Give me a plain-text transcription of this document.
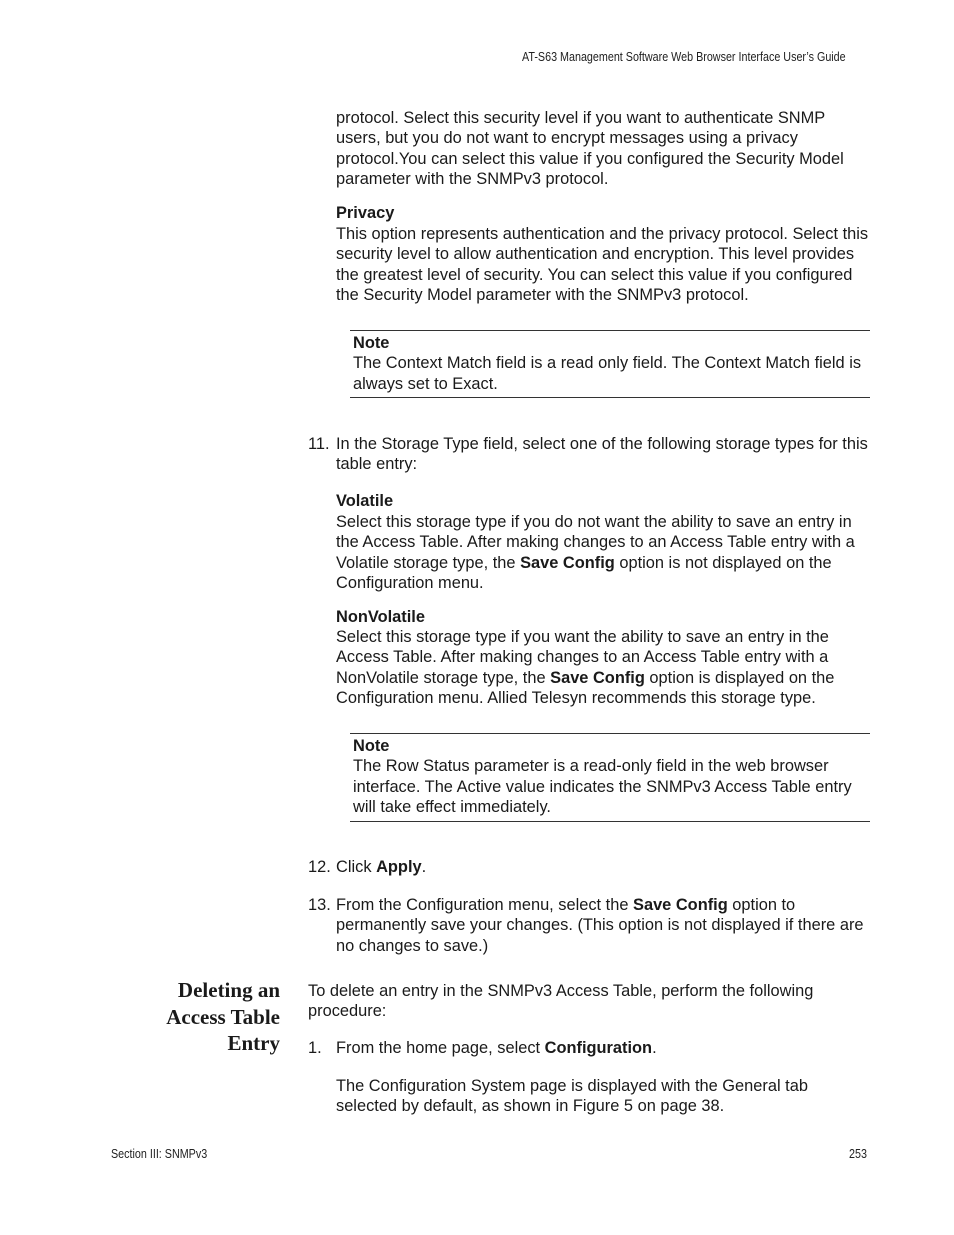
AT-S63 Management Software Web Browser Interface User’s Guide
protocol. Select this security level if you want to authenticate SNMP users, but you do not want to encrypt messages using a privacy protocol.You can select this value if you configured the Security Model parameter with the SNMPv3 protocol.
Privacy
This option represents authentication and the privacy protocol. Select this security level to allow authentication and encryption. This level provides the greatest level of security. You can select this value if you configured the Security Model parameter with the SNMPv3 protocol.
Note
The Context Match field is a read only field. The Context Match field is always set to Exact.
11. In the Storage Type field, select one of the following storage types for this table entry:
Volatile
Select this storage type if you do not want the ability to save an entry in the Access Table. After making changes to an Access Table entry with a Volatile storage type, the Save Config option is not displayed on the Configuration menu.
NonVolatile
Select this storage type if you want the ability to save an entry in the Access Table. After making changes to an Access Table entry with a NonVolatile storage type, the Save Config option is displayed on the Configuration menu. Allied Telesyn recommends this storage type.
Note
The Row Status parameter is a read-only field in the web browser interface. The Active value indicates the SNMPv3 Access Table entry will take effect immediately.
12. Click Apply.
13. From the Configuration menu, select the Save Config option to permanently save your changes. (This option is not displayed if there are no changes to save.)
Deleting an
Access Table
Entry
To delete an entry in the SNMPv3 Access Table, perform the following procedure:
1. From the home page, select Configuration.
The Configuration System page is displayed with the General tab selected by default, as shown in Figure 5 on page 38.
Section III: SNMPv3	253
